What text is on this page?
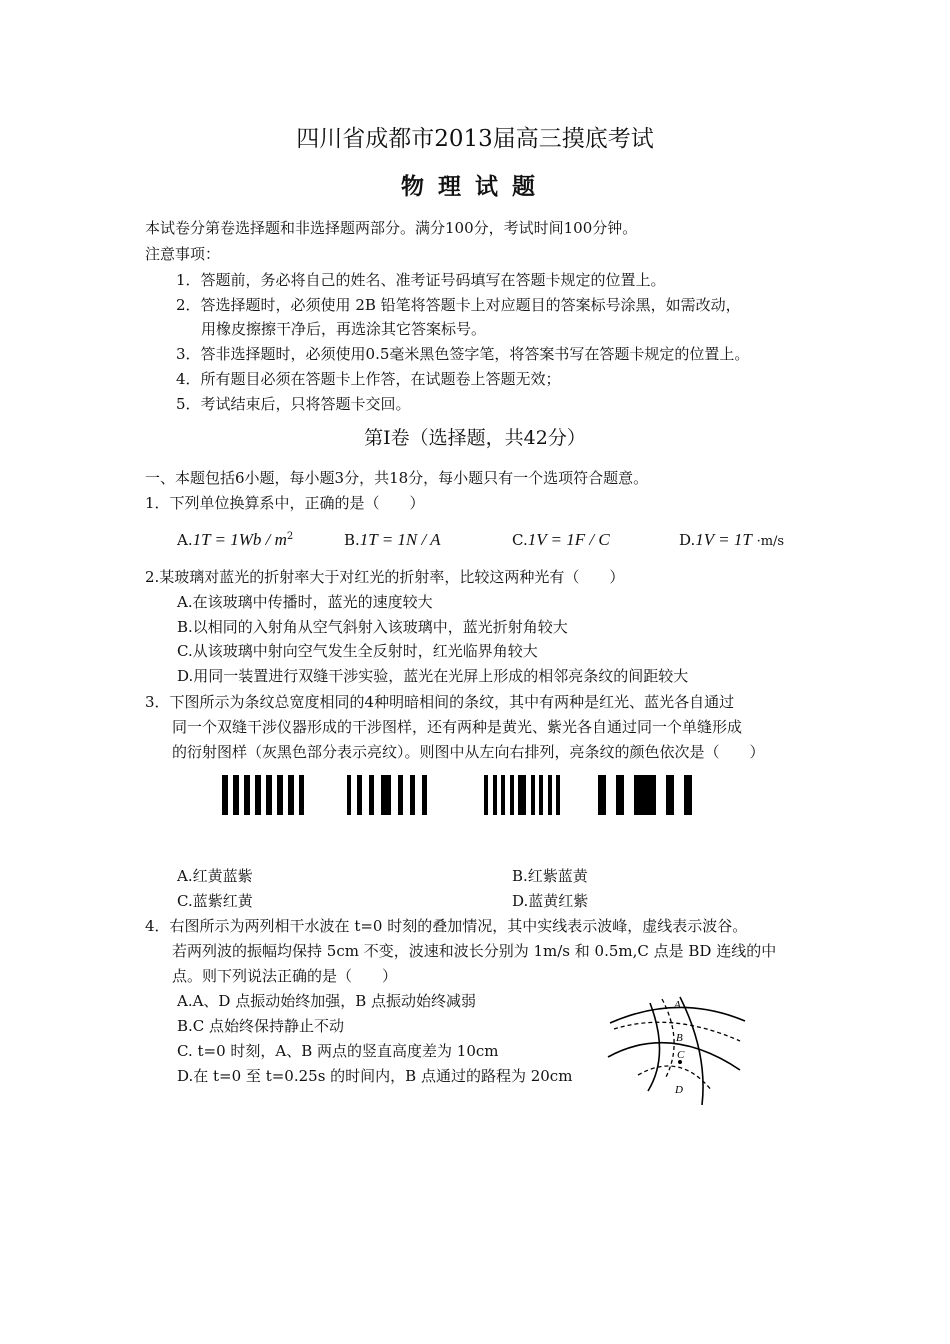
四川省成都市2013届高三摸底考试
物理试题
本试卷分第卷选择题和非选择题两部分。满分100分，考试时间100分钟。
注意事项：
1．答题前，务必将自己的姓名、准考证号码填写在答题卡规定的位置上。
2．答选择题时，必须使用 2B 铅笔将答题卡上对应题目的答案标号涂黑，如需改动，
用橡皮擦擦干净后，再选涂其它答案标号。
3．答非选择题时，必须使用0.5毫米黑色签字笔，将答案书写在答题卡规定的位置上。
4．所有题目必须在答题卡上作答，在试题卷上答题无效；
5．考试结束后，只将答题卡交回。
第Ⅰ卷（选择题，共42分）
一、本题包括6小题，每小题3分，共18分，每小题只有一个选项符合题意。
1．下列单位换算系中，正确的是（　　）
$A.1T = 1Wb / m^2$	B.1T = 1N / A	C.1V = 1F / C	D.1V = 1T ·m/s
2.某玻璃对蓝光的折射率大于对红光的折射率，比较这两种光有（　　）
A.在该玻璃中传播时，蓝光的速度较大
B.以相同的入射角从空气斜射入该玻璃中，蓝光折射角较大
C.从该玻璃中射向空气发生全反射时，红光临界角较大
D.用同一装置进行双缝干涉实验，蓝光在光屏上形成的相邻亮条纹的间距较大
3．下图所示为条纹总宽度相同的4种明暗相间的条纹，其中有两种是红光、蓝光各自通过
同一个双缝干涉仪器形成的干涉图样，还有两种是黄光、紫光各自通过同一个单缝形成
的衍射图样（灰黑色部分表示亮纹）。则图中从左向右排列，亮条纹的颜色依次是（　　）
A.红黄蓝紫	B.红紫蓝黄
C.蓝紫红黄	D.蓝黄红紫
4．右图所示为两列相干水波在 t=0 时刻的叠加情况，其中实线表示波峰，虚线表示波谷。
若两列波的振幅均保持 5cm 不变，波速和波长分别为 1m/s 和 0.5m,C 点是 BD 连线的中
点。则下列说法正确的是（　　）
A.A、D 点振动始终加强，B 点振动始终减弱
B.C 点始终保持静止不动
C. t=0 时刻，A、B 两点的竖直高度差为 10cm
D.在 t=0 至 t=0.25s 的时间内，B 点通过的路程为 20cm
A
B
C
D
